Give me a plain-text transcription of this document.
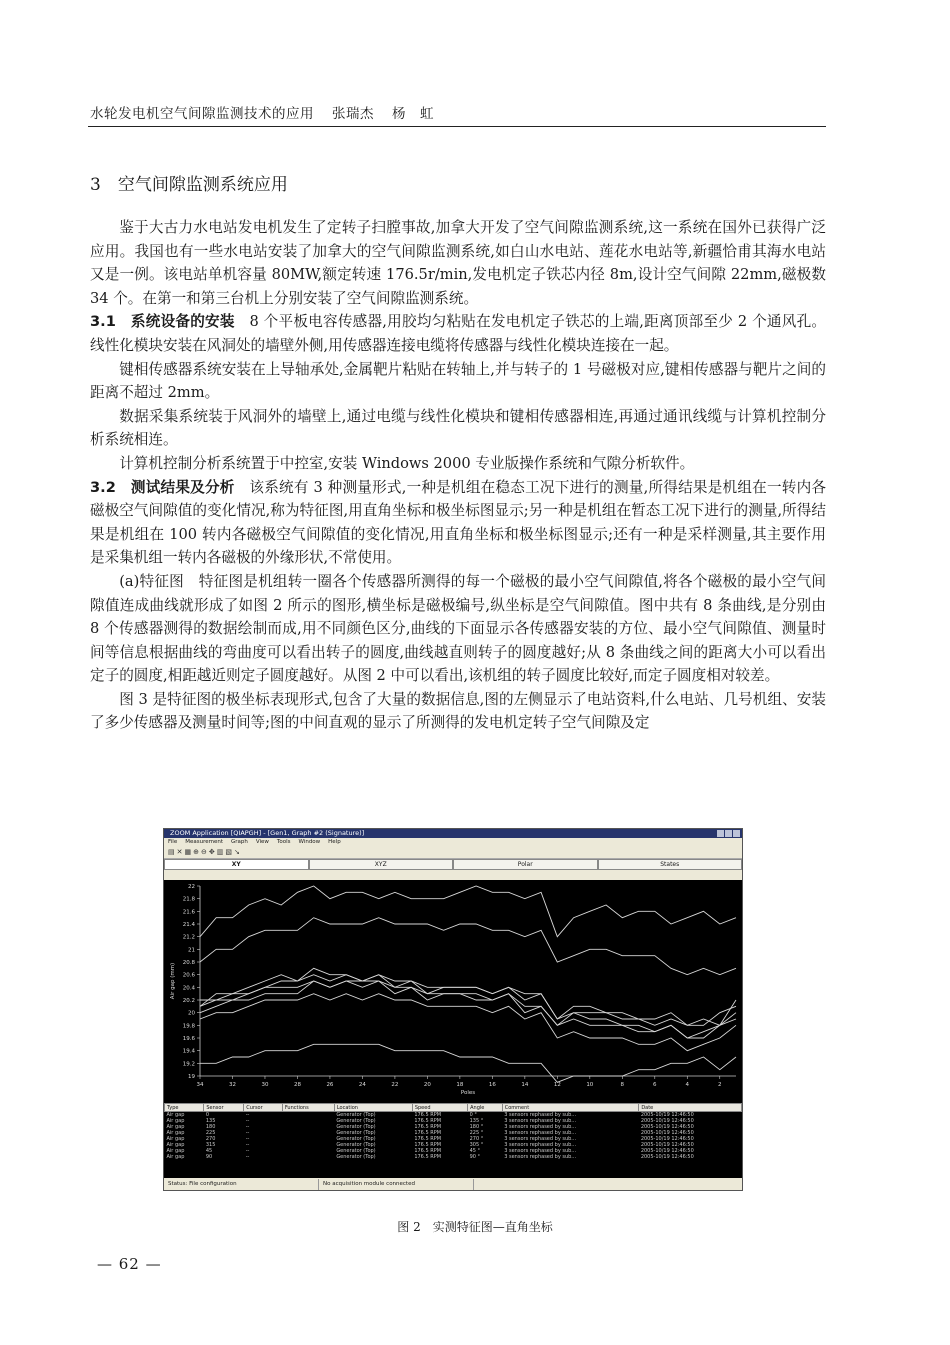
水轮发电机空气间隙监测技术的应用 张瑞杰 杨　虹
3　 空气间隙监测系统应用

鉴于大古力水电站发电机发生了定转子扫膛事故,加拿大开发了空气间隙监测系统,这一系统在国外已获得广泛应用。我国也有一些水电站安装了加拿大的空气间隙监测系统,如白山水电站、莲花水电站等,新疆恰甫其海水电站又是一例。该电站单机容量 80MW,额定转速 176.5r/min,发电机定子铁芯内径 8m,设计空气间隙 22mm,磁极数 34 个。在第一和第三台机上分别安装了空气间隙监测系统。

3.1　系统设备的安装　8 个平板电容传感器,用胶均匀粘贴在发电机定子铁芯的上端,距离顶部至少 2 个通风孔。线性化模块安装在风洞处的墙壁外侧,用传感器连接电缆将传感器与线性化模块连接在一起。

键相传感器系统安装在上导轴承处,金属靶片粘贴在转轴上,并与转子的 1 号磁极对应,键相传感器与靶片之间的距离不超过 2mm。

数据采集系统装于风洞外的墙壁上,通过电缆与线性化模块和键相传感器相连,再通过通讯线缆与计算机控制分析系统相连。

计算机控制分析系统置于中控室,安装 Windows 2000 专业版操作系统和气隙分析软件。

3.2　测试结果及分析　该系统有 3 种测量形式,一种是机组在稳态工况下进行的测量,所得结果是机组在一转内各磁极空气间隙值的变化情况,称为特征图,用直角坐标和极坐标图显示;另一种是机组在暂态工况下进行的测量,所得结果是机组在 100 转内各磁极空气间隙值的变化情况,用直角坐标和极坐标图显示;还有一种是采样测量,其主要作用是采集机组一转内各磁极的外缘形状,不常使用。

(a)特征图　特征图是机组转一圈各个传感器所测得的每一个磁极的最小空气间隙值,将各个磁极的最小空气间隙值连成曲线就形成了如图 2 所示的图形,横坐标是磁极编号,纵坐标是空气间隙值。图中共有 8 条曲线,是分别由 8 个传感器测得的数据绘制而成,用不同颜色区分,曲线的下面显示各传感器安装的方位、最小空气间隙值、测量时间等信息根据曲线的弯曲度可以看出转子的圆度,曲线越直则转子的圆度越好;从 8 条曲线之间的距离大小可以看出定子的圆度,相距越近则定子圆度越好。从图 2 中可以看出,该机组的转子圆度比较好,而定子圆度相对较差。

图 3 是特征图的极坐标表现形式,包含了大量的数据信息,图的左侧显示了电站资料,什么电站、几号机组、安装了多少传感器及测量时间等;图的中间直观的显示了所测得的发电机定转子空气间隙及定

ZOOM Application [QIAPGH] - [Gen1, Graph #2 (Signature)]
File Measurement Graph View Tools Window Help
▤✕▦⊕⊖✥▥▧↘
XY	XYZ	Polar	States
22
21.8
21.6
21.4
21.2
21
20.8
20.6
20.4
20.2
20
19.8
19.6
19.4
19.2
19
34	32	30	28	26	24	22	20	18	16	14	12	10	8	6	4	2
Air gap (mm)
Poles
Type	Sensor	Cursor	Functions	Location	Speed	Angle	Comment	Date
Air gap	0	--		Generator (Top)	176.5 RPM	0 °	3 sensors rephased by sub...	2005-10/19 12:46:50
Air gap	135	--		Generator (Top)	176.5 RPM	135 °	3 sensors rephased by sub...	2005-10/19 12:46:50
Air gap	180	--		Generator (Top)	176.5 RPM	180 °	3 sensors rephased by sub...	2005-10/19 12:46:50
Air gap	225	--		Generator (Top)	176.5 RPM	225 °	3 sensors rephased by sub...	2005-10/19 12:46:50
Air gap	270	--		Generator (Top)	176.5 RPM	270 °	3 sensors rephased by sub...	2005-10/19 12:46:50
Air gap	315	--		Generator (Top)	176.5 RPM	305 °	3 sensors rephased by sub...	2005-10/19 12:46:50
Air gap	45	--		Generator (Top)	176.5 RPM	45 °	3 sensors rephased by sub...	2005-10/19 12:46:50
Air gap	90	--		Generator (Top)	176.5 RPM	90 °	3 sensors rephased by sub...	2005-10/19 12:46:50
Status: File configuration	No acquisition module connected
图 2　实测特征图—直角坐标
— 62 —
